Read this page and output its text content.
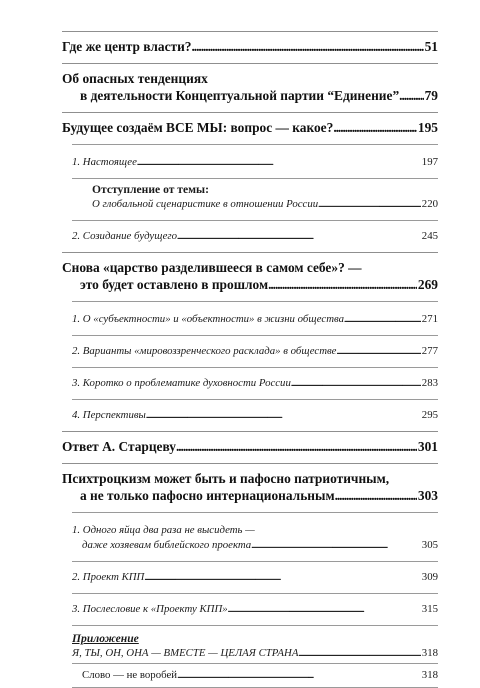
Где же центр власти? . . .	51
Об опасных тенденциях
в деятельности Концептуальной партии “Единение” . . . 79
Будущее создаём ВСЕ МЫ: вопрос — какое? . . .	195
1. Настоящее . . .	197
Отступление от темы:
О глобальной сценаристике в отношении России . . .	220
2. Созидание будущего . . .	245
Снова «царство разделившееся в самом себе»? —
это будет оставлено в прошлом . . .	269
1. О «субъектности» и «объектности» в жизни общества . . .	271
2. Варианты «мировоззренческого расклада» в обществе . . .	277
3. Коротко о проблематике духовности России . . .	283
4. Перспективы . . .	295
Ответ А. Старцеву . . .	301
Психтроцкизм может быть и пафосно патриотичным,
а не только пафосно интернациональным . . .	303
1. Одного яйца два раза не высидеть —
даже хозяевам библейского проекта . . .	305
2. Проект КПП . . .	309
3. Послесловие к «Проекту КПП» . . .	315
Приложение
Я, ТЫ, ОН, ОНА — ВМЕСТЕ — ЦЕЛАЯ СТРАНА . . .	318
Слово — не воробей . . .	318
